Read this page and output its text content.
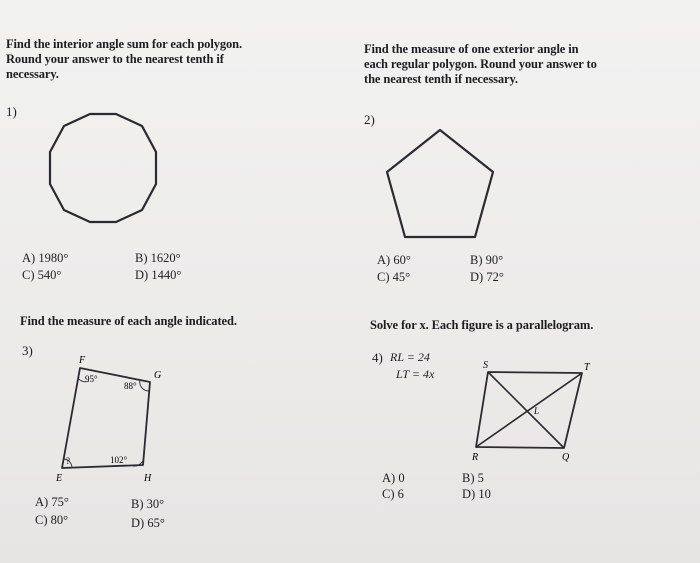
Find the interior angle sum for each polygon.
Round your answer to the nearest tenth if
necessary.
Find the measure of one exterior angle in
each regular polygon. Round your answer to
the nearest tenth if necessary.
1)
A) 1980°	B) 1620°
C) 540°	D) 1440°
2)
A) 60°	B) 90°
C) 45°	D) 72°
Find the measure of each angle indicated.	Solve for x. Each figure is a parallelogram.
3)
A) 75°	B) 30°
C) 80°	D) 65°
4) RL = 24
LT = 4x
A) 0	B) 5
C) 6	D) 10
F
G
H
E
95°
88°
102°
?
S	T
R	Q
L
